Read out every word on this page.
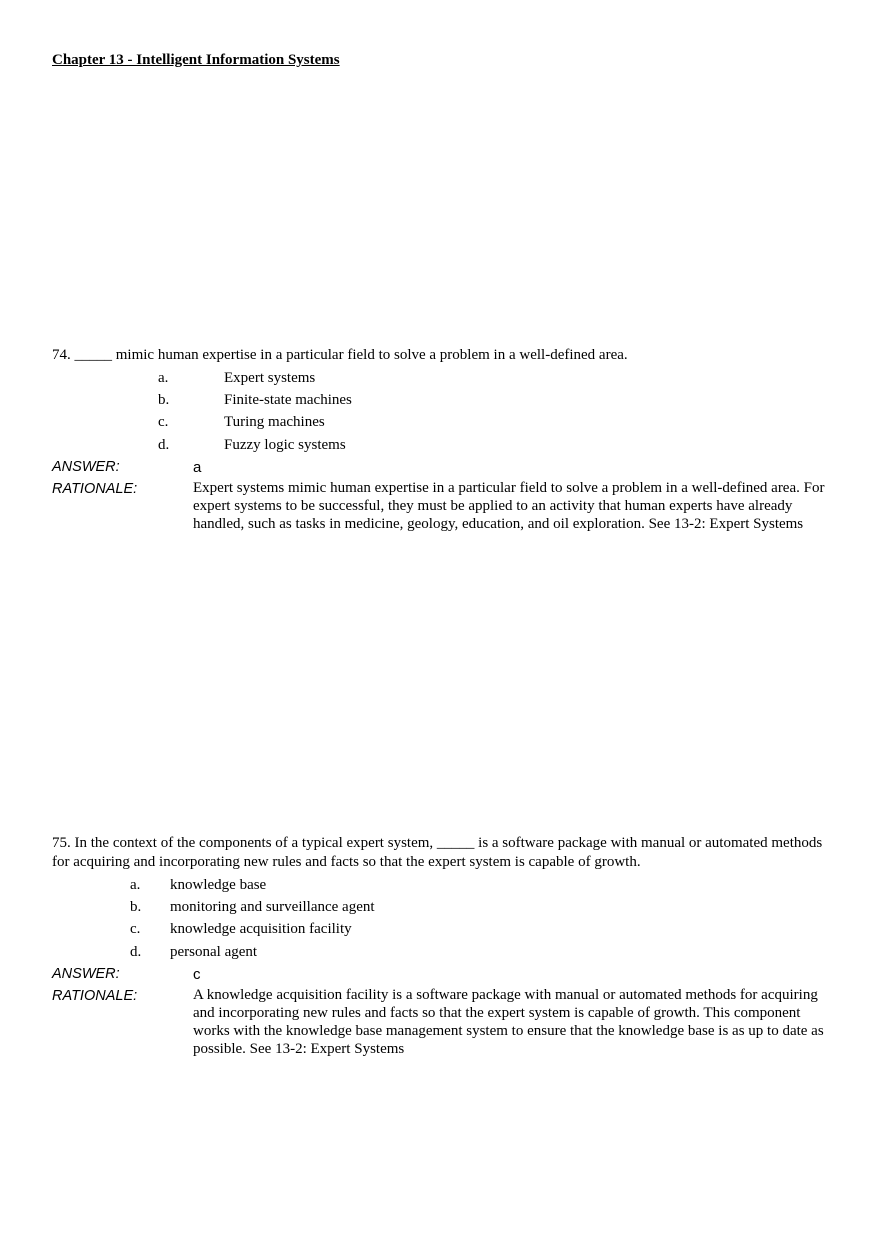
Chapter 13 - Intelligent Information Systems

74. _____ mimic human expertise in a particular field to solve a problem in a well-defined area.

a.	Expert systems
b.	Finite-state machines
c.	Turing machines
d.	Fuzzy logic systems
ANSWER:	a
RATIONALE:	Expert systems mimic human expertise in a particular field to solve a problem in a well-defined area. For expert systems to be successful, they must be applied to an activity that human experts have already handled, such as tasks in medicine, geology, education, and oil exploration. See 13-2: Expert Systems

75. In the context of the components of a typical expert system, _____ is a software package with manual or automated methods for acquiring and incorporating new rules and facts so that the expert system is capable of growth.

a.	knowledge base
b.	monitoring and surveillance agent
c.	knowledge acquisition facility
d.	personal agent
ANSWER:	c
RATIONALE:	A knowledge acquisition facility is a software package with manual or automated methods for acquiring and incorporating new rules and facts so that the expert system is capable of growth. This component works with the knowledge base management system to ensure that the knowledge base is as up to date as possible. See 13-2: Expert Systems
